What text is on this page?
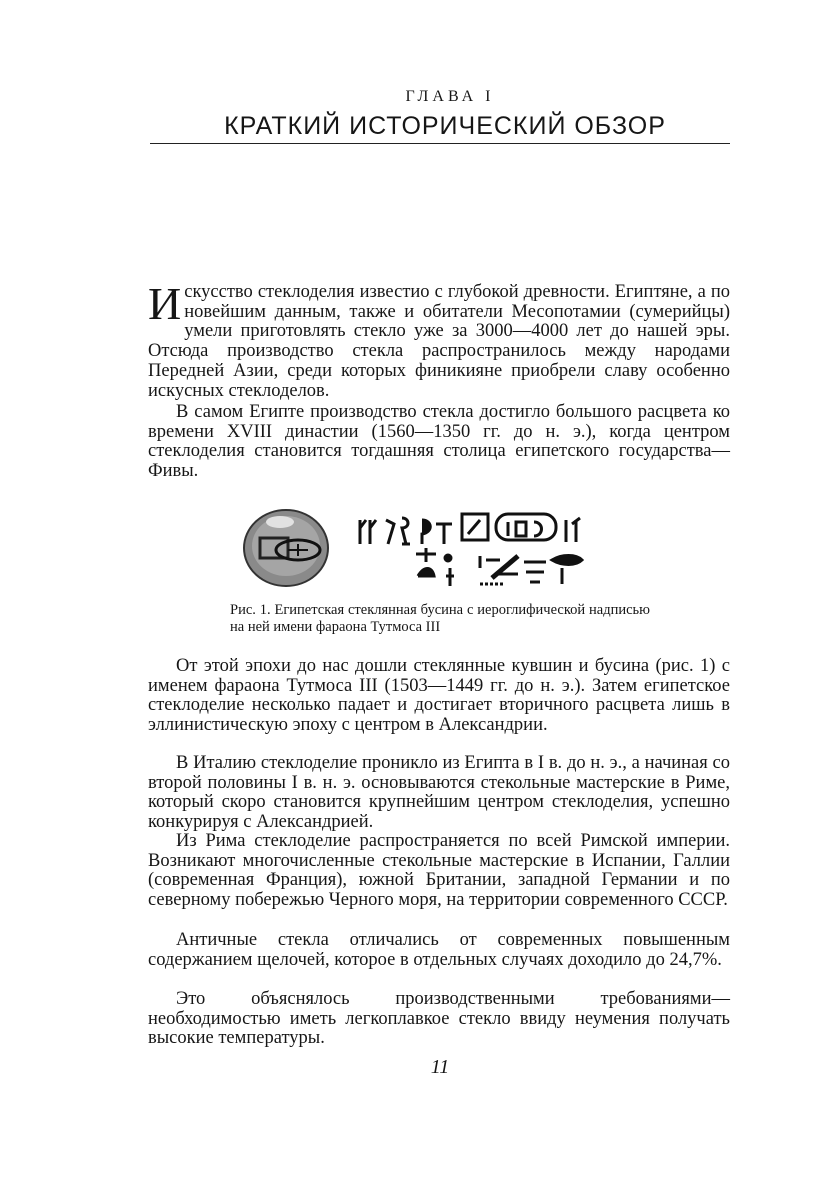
ГЛАВА I
КРАТКИЙ ИСТОРИЧЕСКИЙ ОБЗОР

Искусство стеклоделия известио с глубокой древности. Египтяне, а по новейшим данным, также и обитатели Месопотамии (сумерийцы) умели приготовлять стекло уже за 3000—4000 лет до нашей эры. Отсюда производство стекла распространилось между народами Передней Азии, среди которых финикияне приобрели славу особенно искусных стеклоделов.

В самом Египте производство стекла достигло большого расцвета ко времени XVIII династии (1560—1350 гг. до н. э.), когда центром стеклоделия становится тогдашняя столица египетского государства—Фивы.

Рис. 1. Египетская стеклянная бусина с иероглифической надписью на ней имени фараона Тутмоса III

От этой эпохи до нас дошли стеклянные кувшин и бусина (рис. 1) с именем фараона Тутмоса III (1503—1449 гг. до н. э.). Затем египетское стеклоделие несколько падает и достигает вторичного расцвета лишь в эллинистическую эпоху с центром в Александрии.

В Италию стеклоделие проникло из Египта в I в. до н. э., а начиная со второй половины I в. н. э. основываются стекольные мастерские в Риме, который скоро становится крупнейшим центром стеклоделия, успешно конкурируя с Александрией.

Из Рима стеклоделие распространяется по всей Римской империи. Возникают многочисленные стекольные мастерские в Испании, Галлии (современная Франция), южной Британии, западной Германии и по северному побережью Черного моря, на территории современного СССР.

Античные стекла отличались от современных повышенным содержанием щелочей, которое в отдельных случаях доходило до 24,7%.

Это объяснялось производственными требованиями—необходимостью иметь легкоплавкое стекло ввиду неумения получать высокие температуры.

11
